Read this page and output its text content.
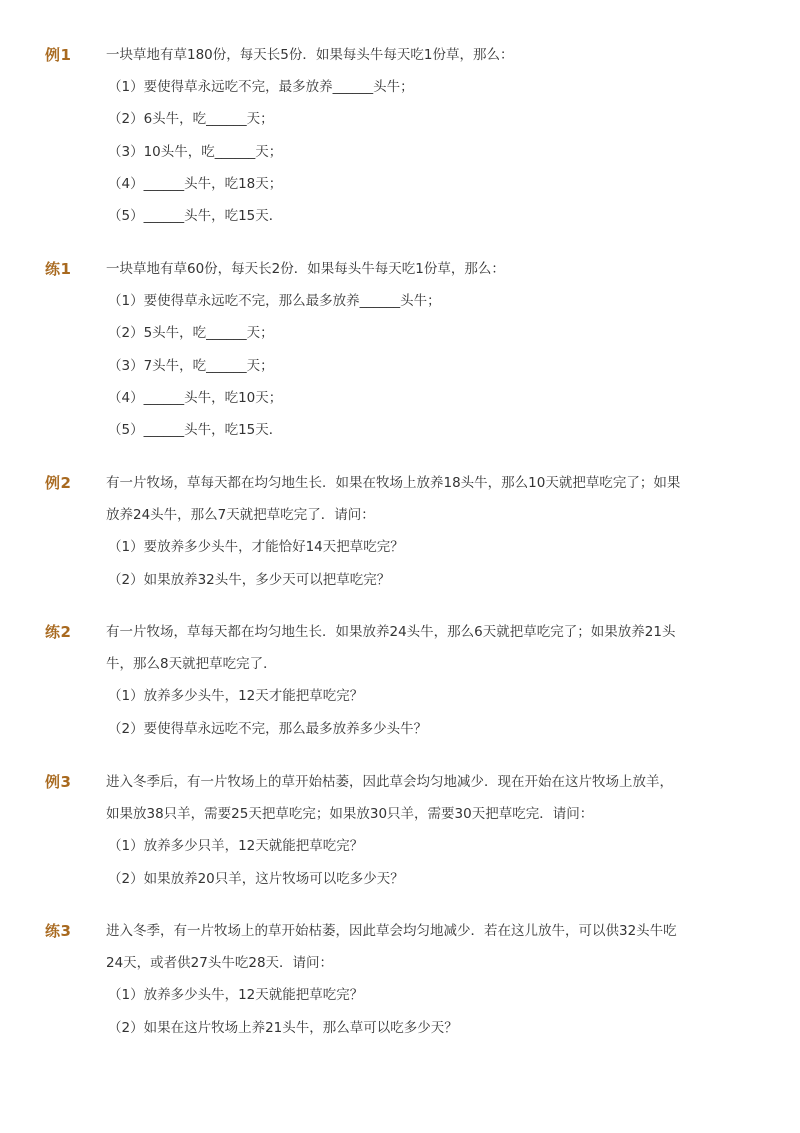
例1	一块草地有草180份，每天长5份．如果每头牛每天吃1份草，那么：
（1）要使得草永远吃不完，最多放养______头牛；
（2）6头牛，吃______天；
（3）10头牛，吃______天；
（4）______头牛，吃18天；
（5）______头牛，吃15天．
练1	一块草地有草60份，每天长2份．如果每头牛每天吃1份草，那么：
（1）要使得草永远吃不完，那么最多放养______头牛；
（2）5头牛，吃______天；
（3）7头牛，吃______天；
（4）______头牛，吃10天；
（5）______头牛，吃15天．
例2	有一片牧场，草每天都在均匀地生长．如果在牧场上放养18头牛，那么10天就把草吃完了；如果
放养24头牛，那么7天就把草吃完了．请问：
（1）要放养多少头牛，才能恰好14天把草吃完？
（2）如果放养32头牛，多少天可以把草吃完？
练2	有一片牧场，草每天都在均匀地生长．如果放养24头牛，那么6天就把草吃完了；如果放养21头
牛，那么8天就把草吃完了．
（1）放养多少头牛，12天才能把草吃完？
（2）要使得草永远吃不完，那么最多放养多少头牛？
例3	进入冬季后，有一片牧场上的草开始枯萎，因此草会均匀地减少．现在开始在这片牧场上放羊，
如果放38只羊，需要25天把草吃完；如果放30只羊，需要30天把草吃完．请问：
（1）放养多少只羊，12天就能把草吃完？
（2）如果放养20只羊，这片牧场可以吃多少天？
练3	进入冬季，有一片牧场上的草开始枯萎，因此草会均匀地减少．若在这儿放牛，可以供32头牛吃
24天，或者供27头牛吃28天．请问：
（1）放养多少头牛，12天就能把草吃完？
（2）如果在这片牧场上养21头牛，那么草可以吃多少天？
